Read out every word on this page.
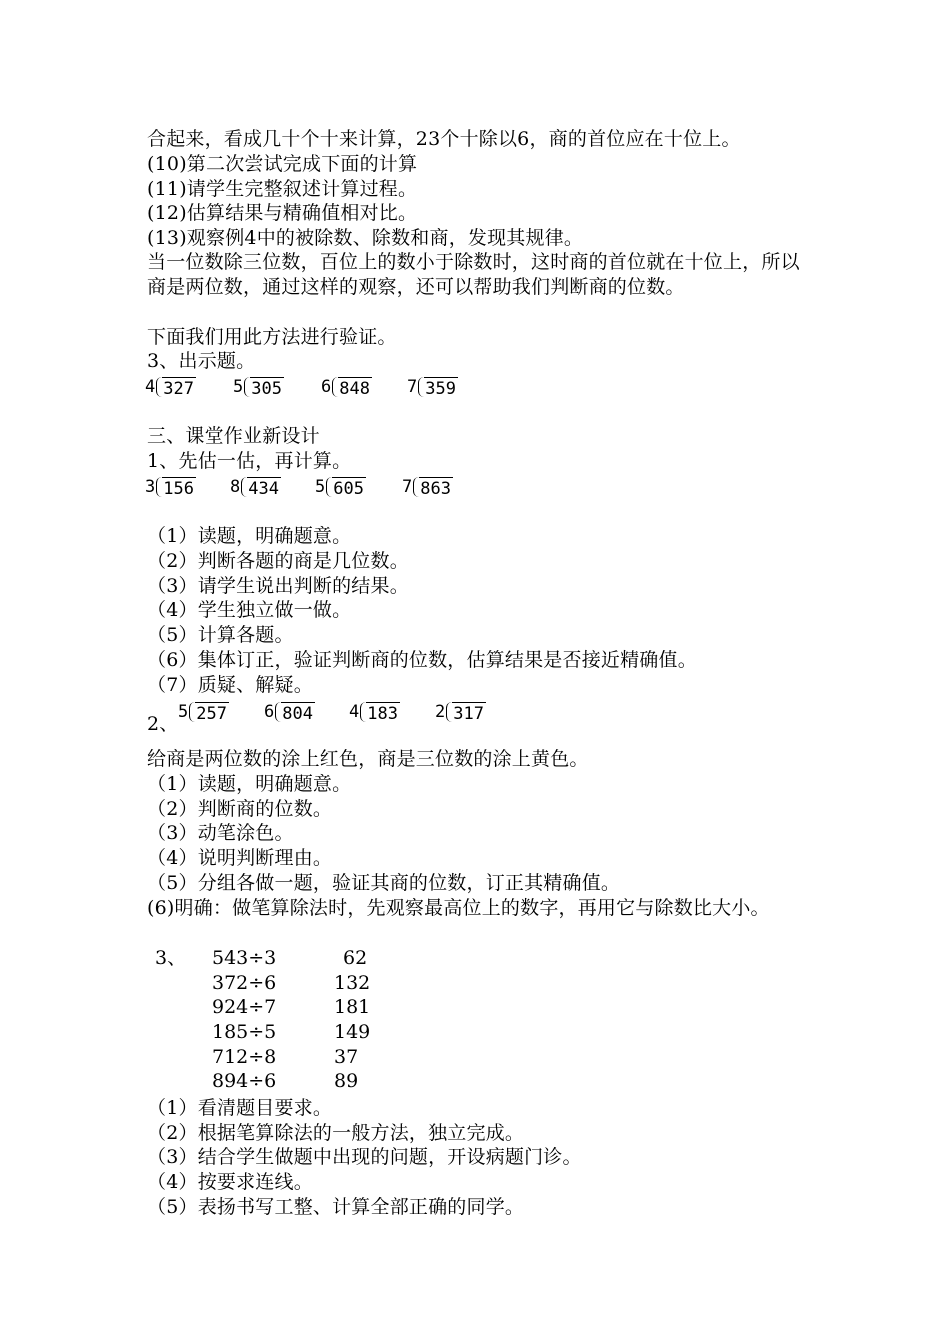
合起来，看成几十个十来计算，23个十除以6，商的首位应在十位上。
(10)第二次尝试完成下面的计算
(11)请学生完整叙述计算过程。
(12)估算结果与精确值相对比。
(13)观察例4中的被除数、除数和商，发现其规律。
当一位数除三位数，百位上的数小于除数时，这时商的首位就在十位上，所以商是两位数，通过这样的观察，还可以帮助我们判断商的位数。
下面我们用此方法进行验证。
3、出示题。
4 327 5 305 6 848 7 359
三、课堂作业新设计
1、先估一估，再计算。
3 156 8 434 5 605 7 863
（1）读题，明确题意。
（2）判断各题的商是几位数。
（3）请学生说出判断的结果。
（4）学生独立做一做。
（5）计算各题。
（6）集体订正，验证判断商的位数，估算结果是否接近精确值。
（7）质疑、解疑。
5 257 6 804 4 183 2 317
2、
给商是两位数的涂上红色，商是三位数的涂上黄色。
（1）读题，明确题意。
（2）判断商的位数。
（3）动笔涂色。
（4）说明判断理由。
（5）分组各做一题，验证其商的位数，订正其精确值。
(6)明确：做笔算除法时，先观察最高位上的数字，再用它与除数比大小。
3、 543÷3	62
372÷6	132
924÷7	181
185÷5	149
712÷8	37
894÷6	89
（1）看清题目要求。
（2）根据笔算除法的一般方法，独立完成。
（3）结合学生做题中出现的问题，开设病题门诊。
（4）按要求连线。
（5）表扬书写工整、计算全部正确的同学。
